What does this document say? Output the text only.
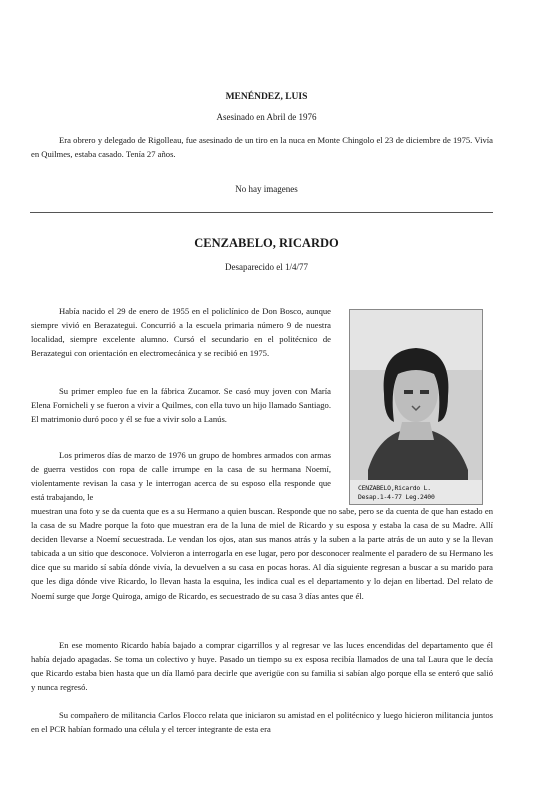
MENÉNDEZ, LUIS
Asesinado en Abril de 1976

Era obrero y delegado de Rigolleau, fue asesinado de un tiro en la nuca en Monte Chingolo el 23 de diciembre de 1975. Vivía en Quilmes, estaba casado. Tenía 27 años.

No hay imagenes
CENZABELO, RICARDO
Desaparecido el 1/4/77
CENZABELO,Ricardo L.
Desap.1-4-77 Leg.2400

Había nacido el 29 de enero de 1955 en el policlínico de Don Bosco, aunque siempre vivió en Berazategui. Concurrió a la escuela primaria número 9 de nuestra localidad, siempre excelente alumno. Cursó el secundario en el politécnico de Berazategui con orientación en electromecánica y se recibió en 1975.

Su primer empleo fue en la fábrica Zucamor. Se casó muy joven con María Elena Fornicheli y se fueron a vivir a Quilmes, con ella tuvo un hijo llamado Santiago. El matrimonio duró poco y él se fue a vivir solo a Lanús.

Los primeros días de marzo de 1976 un grupo de hombres armados con armas de guerra vestidos con ropa de calle irrumpe en la casa de su hermana Noemí, violentamente revisan la casa y le interrogan acerca de su esposo ella responde que está trabajando, le

muestran una foto y se da cuenta que es a su Hermano a quien buscan. Responde que no sabe, pero se da cuenta de que han estado en la casa de su Madre porque la foto que muestran era de la luna de miel de Ricardo y su esposa y estaba la casa de su Madre. Allí deciden llevarse a Noemí secuestrada. Le vendan los ojos, atan sus manos atrás y la suben a la parte atrás de un auto y se la llevan tabicada a un sitio que desconoce. Volvieron a interrogarla en ese lugar, pero por desconocer realmente el paradero de su Hermano les dice que su marido sí sabía dónde vivía, la devuelven a su casa en pocas horas. Al día siguiente regresan a buscar a su marido para que les diga dónde vive Ricardo, lo llevan hasta la esquina, les indica cual es el departamento y lo dejan en libertad. Del relato de Noemí surge que Jorge Quiroga, amigo de Ricardo, es secuestrado de su casa 3 días antes que él.

En ese momento Ricardo había bajado a comprar cigarrillos y al regresar ve las luces encendidas del departamento que él había dejado apagadas. Se toma un colectivo y huye. Pasado un tiempo su ex esposa recibía llamados de una tal Laura que le decía que Ricardo estaba bien hasta que un día llamó para decirle que averigüe con su familia si sabían algo porque ella se enteró que salió y nunca regresó.

Su compañero de militancia Carlos Flocco relata que iniciaron su amistad en el politécnico y luego hicieron militancia juntos en el PCR habían formado una célula y el tercer integrante de esta era
